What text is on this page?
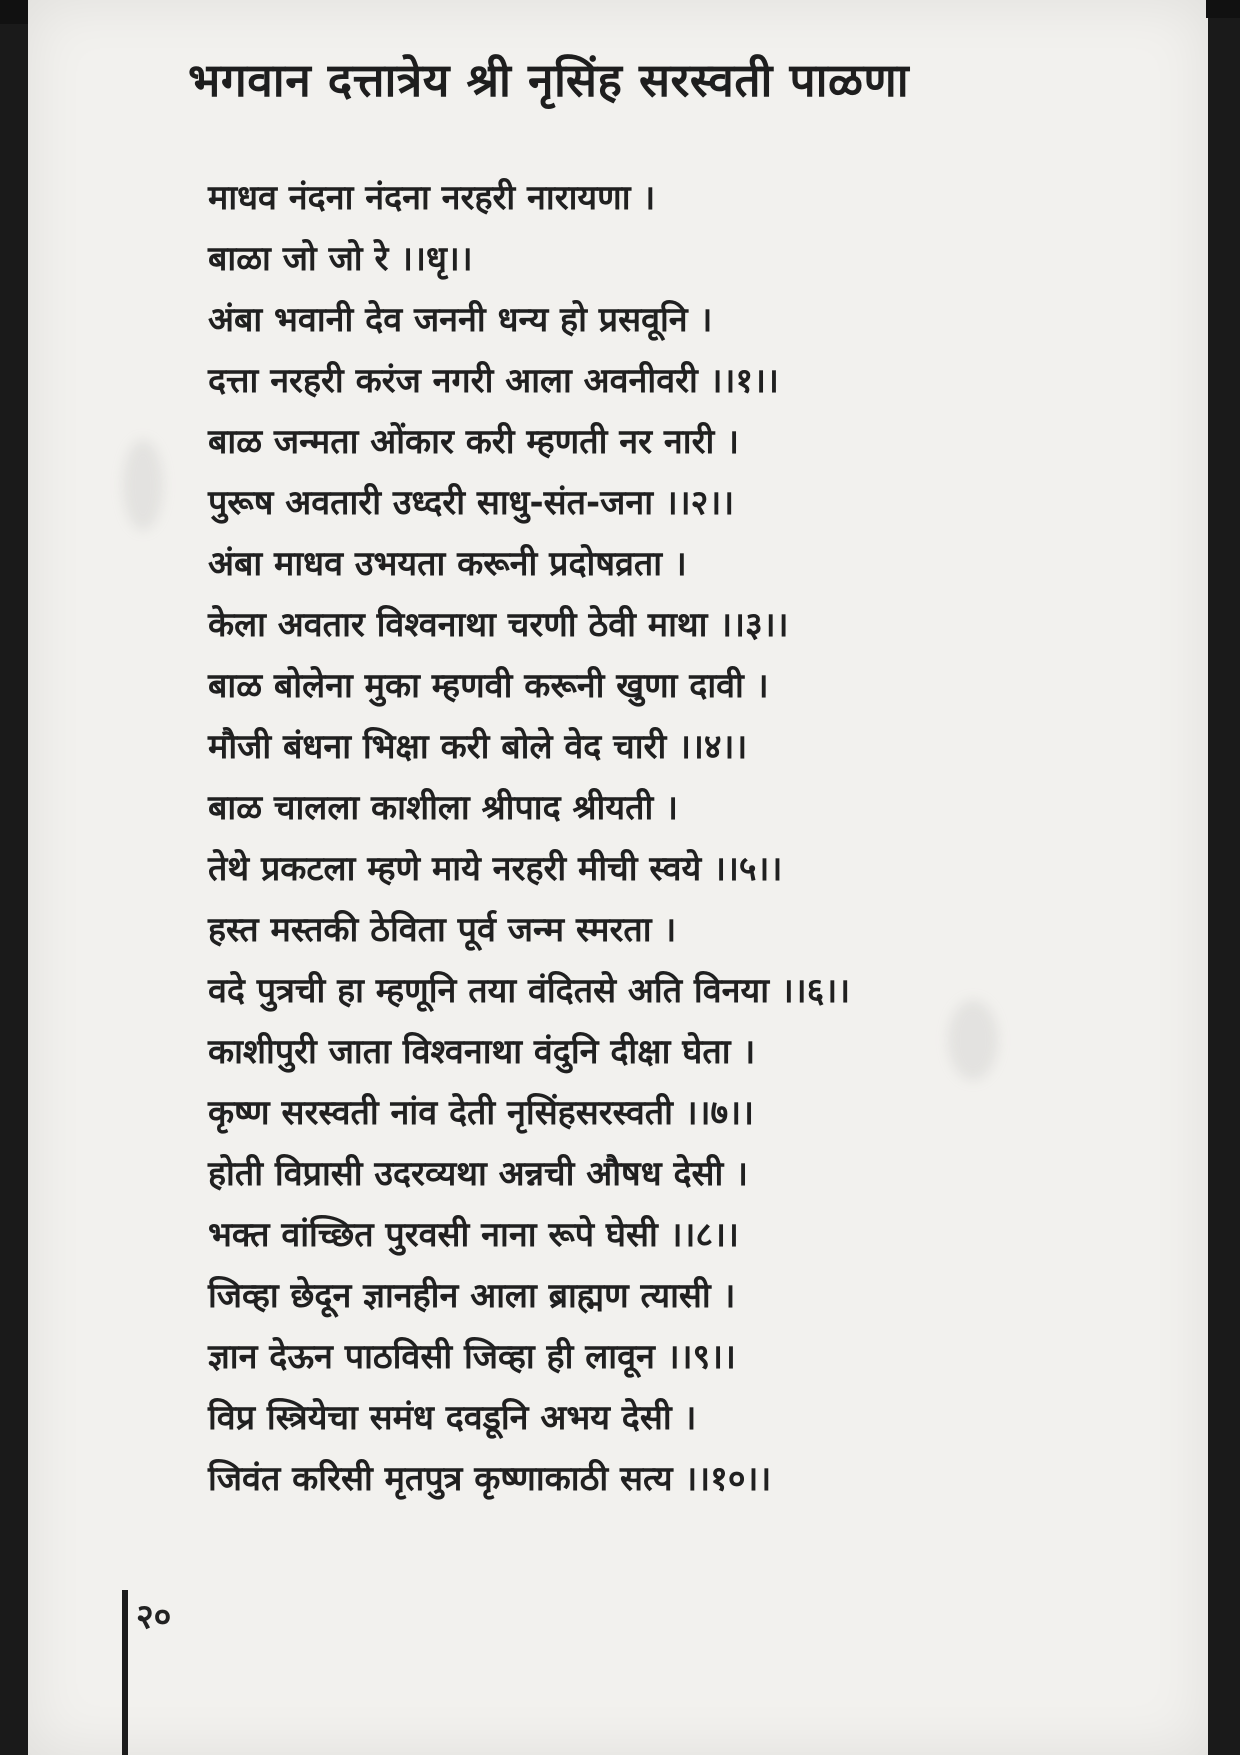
भगवान दत्तात्रेय श्री नृसिंह सरस्वती पाळणा
माधव नंदना नंदना नरहरी नारायणा ।
बाळा जो जो रे ।।धृ।।
अंबा भवानी देव जननी धन्य हो प्रसवूनि ।
दत्ता नरहरी करंज नगरी आला अवनीवरी ।।१।।
बाळ जन्मता ओंकार करी म्हणती नर नारी ।
पुरूष अवतारी उध्दरी साधु-संत-जना ।।२।।
अंबा माधव उभयता करूनी प्रदोषव्रता ।
केला अवतार विश्वनाथा चरणी ठेवी माथा ।।३।।
बाळ बोलेना मुका म्हणवी करूनी खुणा दावी ।
मौजी बंधना भिक्षा करी बोले वेद चारी ।।४।।
बाळ चालला काशीला श्रीपाद श्रीयती ।
तेथे प्रकटला म्हणे माये नरहरी मीची स्वये ।।५।।
हस्त मस्तकी ठेविता पूर्व जन्म स्मरता ।
वदे पुत्रची हा म्हणूनि तया वंदितसे अति विनया ।।६।।
काशीपुरी जाता विश्वनाथा वंदुनि दीक्षा घेता ।
कृष्ण सरस्वती नांव देती नृसिंहसरस्वती ।।७।।
होती विप्रासी उदरव्यथा अन्नची औषध देसी ।
भक्त वांच्छित पुरवसी नाना रूपे घेसी ।।८।।
जिव्हा छेदून ज्ञानहीन आला ब्राह्मण त्यासी ।
ज्ञान देऊन पाठविसी जिव्हा ही लावून ।।९।।
विप्र स्त्रियेचा समंध दवडूनि अभय देसी ।
जिवंत करिसी मृतपुत्र कृष्णाकाठी सत्य ।।१०।।
२०
